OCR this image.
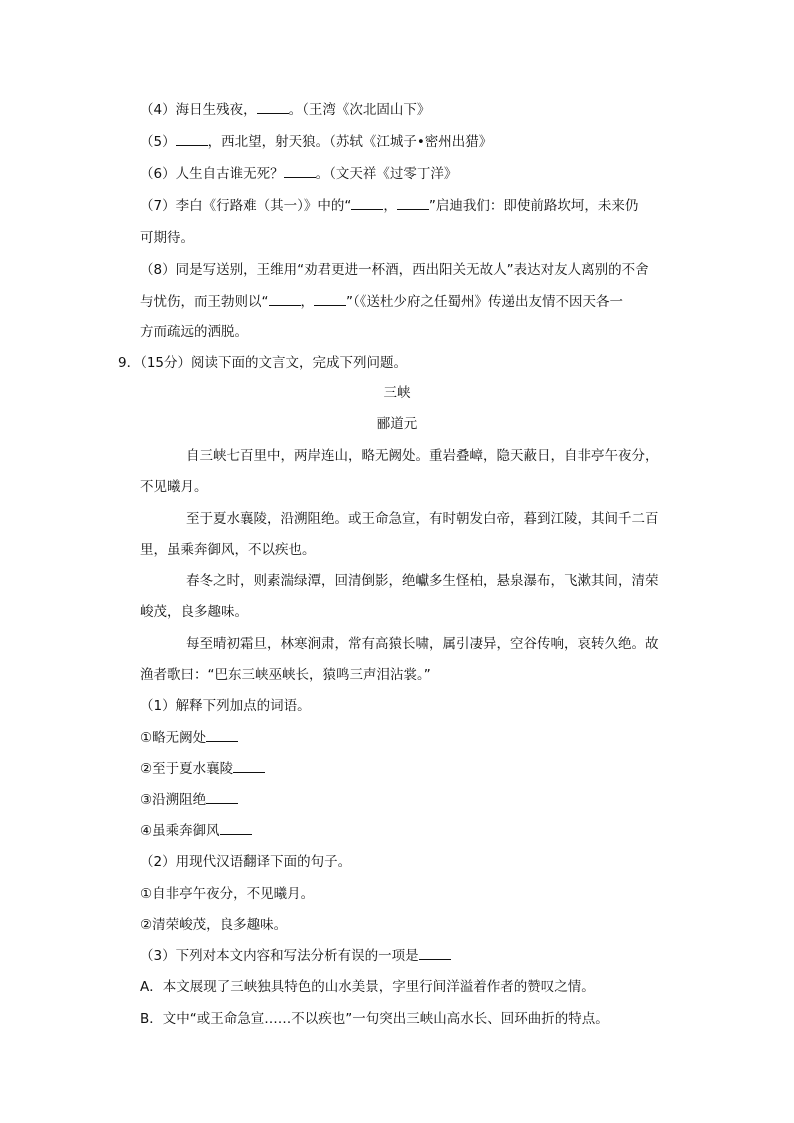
（4）海日生残夜， 。（王湾《次北固山下》
（5） ，西北望，射天狼。（苏轼《江城子•密州出猎》
（6）人生自古谁无死？ 。（文天祥《过零丁洋》
（7）李白《行路难（其一）》中的“ ， ”启迪我们：即使前路坎坷，未来仍
可期待。
（8）同是写送别，王维用“劝君更进一杯酒，西出阳关无故人”表达对友人离别的不舍
与忧伤，而王勃则以“ ， ”（《送杜少府之任蜀州》传递出友情不因天各一
方而疏远的洒脱。
9．（15分）阅读下面的文言文，完成下列问题。
三峡
郦道元
自三峡七百里中，两岸连山，略无阙处。重岩叠嶂，隐天蔽日，自非亭午夜分，
不见曦月。
至于夏水襄陵，沿溯阻绝。或王命急宣，有时朝发白帝，暮到江陵，其间千二百
里，虽乘奔御风，不以疾也。
春冬之时，则素湍绿潭，回清倒影，绝巘多生怪柏，悬泉瀑布，飞漱其间，清荣
峻茂，良多趣味。
每至晴初霜旦，林寒涧肃，常有高猿长啸，属引凄异，空谷传响，哀转久绝。故
渔者歌曰：“巴东三峡巫峡长，猿鸣三声泪沾裳。”
（1）解释下列加点的词语。
①略无阙处
②至于夏水襄陵
③沿溯阻绝
④虽乘奔御风
（2）用现代汉语翻译下面的句子。
①自非亭午夜分，不见曦月。
②清荣峻茂，良多趣味。
（3）下列对本文内容和写法分析有误的一项是
A．本文展现了三峡独具特色的山水美景，字里行间洋溢着作者的赞叹之情。
B．文中“或王命急宣……不以疾也”一句突出三峡山高水长、回环曲折的特点。
